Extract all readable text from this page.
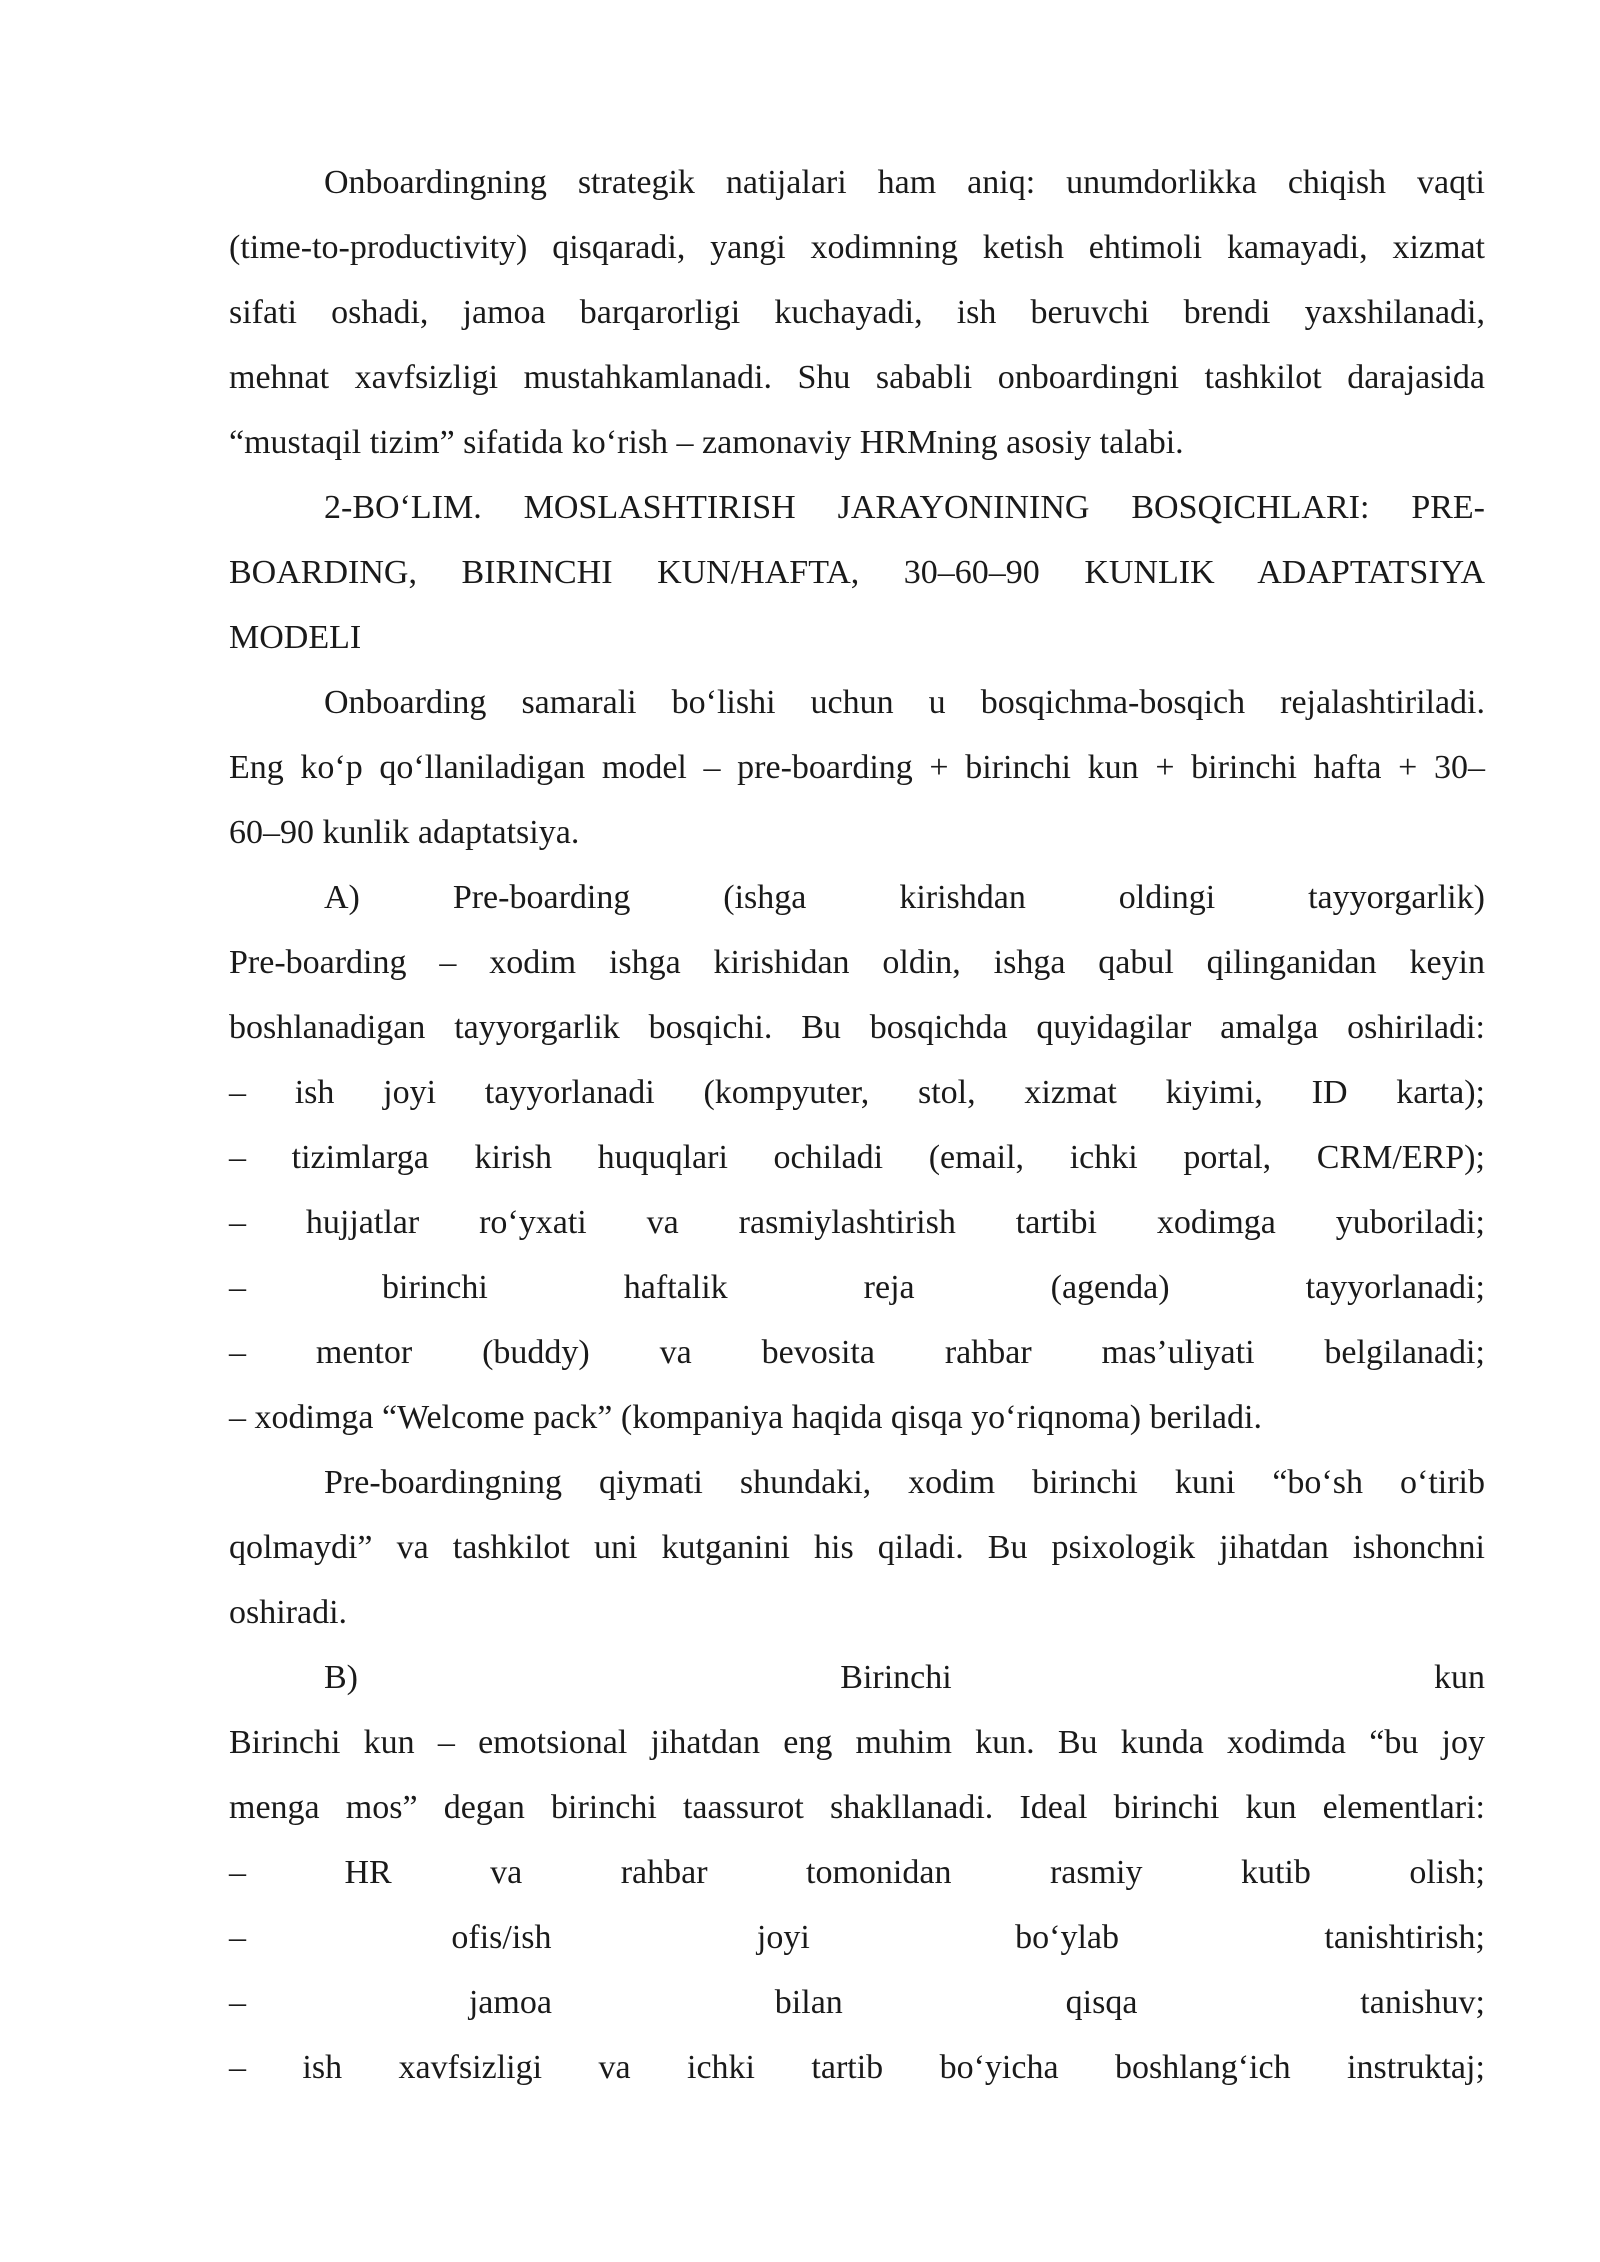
Onboardingning strategik natijalari ham aniq: unumdorlikka chiqish vaqti
(time-to-productivity) qisqaradi, yangi xodimning ketish ehtimoli kamayadi, xizmat
sifati oshadi, jamoa barqarorligi kuchayadi, ish beruvchi brendi yaxshilanadi,
mehnat xavfsizligi mustahkamlanadi. Shu sababli onboardingni tashkilot darajasida
“mustaqil tizim” sifatida koʻrish – zamonaviy HRMning asosiy talabi.
2-BOʻLIM. MOSLASHTIRISH JARAYONINING BOSQICHLARI: PRE-
BOARDING, BIRINCHI KUN/HAFTA, 30–60–90 KUNLIK ADAPTATSIYA
MODELI
Onboarding samarali boʻlishi uchun u bosqichma-bosqich rejalashtiriladi.
Eng koʻp qoʻllaniladigan model – pre-boarding + birinchi kun + birinchi hafta + 30–
60–90 kunlik adaptatsiya.
A)	Pre-boarding	(ishga	kirishdan	oldingi	tayyorgarlik)
Pre-boarding – xodim ishga kirishidan oldin, ishga qabul qilinganidan keyin
boshlanadigan tayyorgarlik bosqichi. Bu bosqichda quyidagilar amalga oshiriladi:
– ish joyi tayyorlanadi (kompyuter, stol, xizmat kiyimi, ID karta);
– tizimlarga kirish huquqlari ochiladi (email, ichki portal, CRM/ERP);
– hujjatlar roʻyxati va rasmiylashtirish tartibi xodimga yuboriladi;
–	birinchi	haftalik	reja	(agenda)	tayyorlanadi;
– mentor (buddy) va bevosita rahbar mas’uliyati belgilanadi;
– xodimga “Welcome pack” (kompaniya haqida qisqa yoʻriqnoma) beriladi.
Pre-boardingning qiymati shundaki, xodim birinchi kuni “boʻsh oʻtirib
qolmaydi” va tashkilot uni kutganini his qiladi. Bu psixologik jihatdan ishonchni
oshiradi.
B)	Birinchi	kun
Birinchi kun – emotsional jihatdan eng muhim kun. Bu kunda xodimda “bu joy
menga mos” degan birinchi taassurot shakllanadi. Ideal birinchi kun elementlari:
–	HR	va	rahbar	tomonidan	rasmiy	kutib	olish;
–	ofis/ish	joyi	boʻylab	tanishtirish;
–	jamoa	bilan	qisqa	tanishuv;
– ish xavfsizligi va ichki tartib boʻyicha boshlangʻich instruktaj;
